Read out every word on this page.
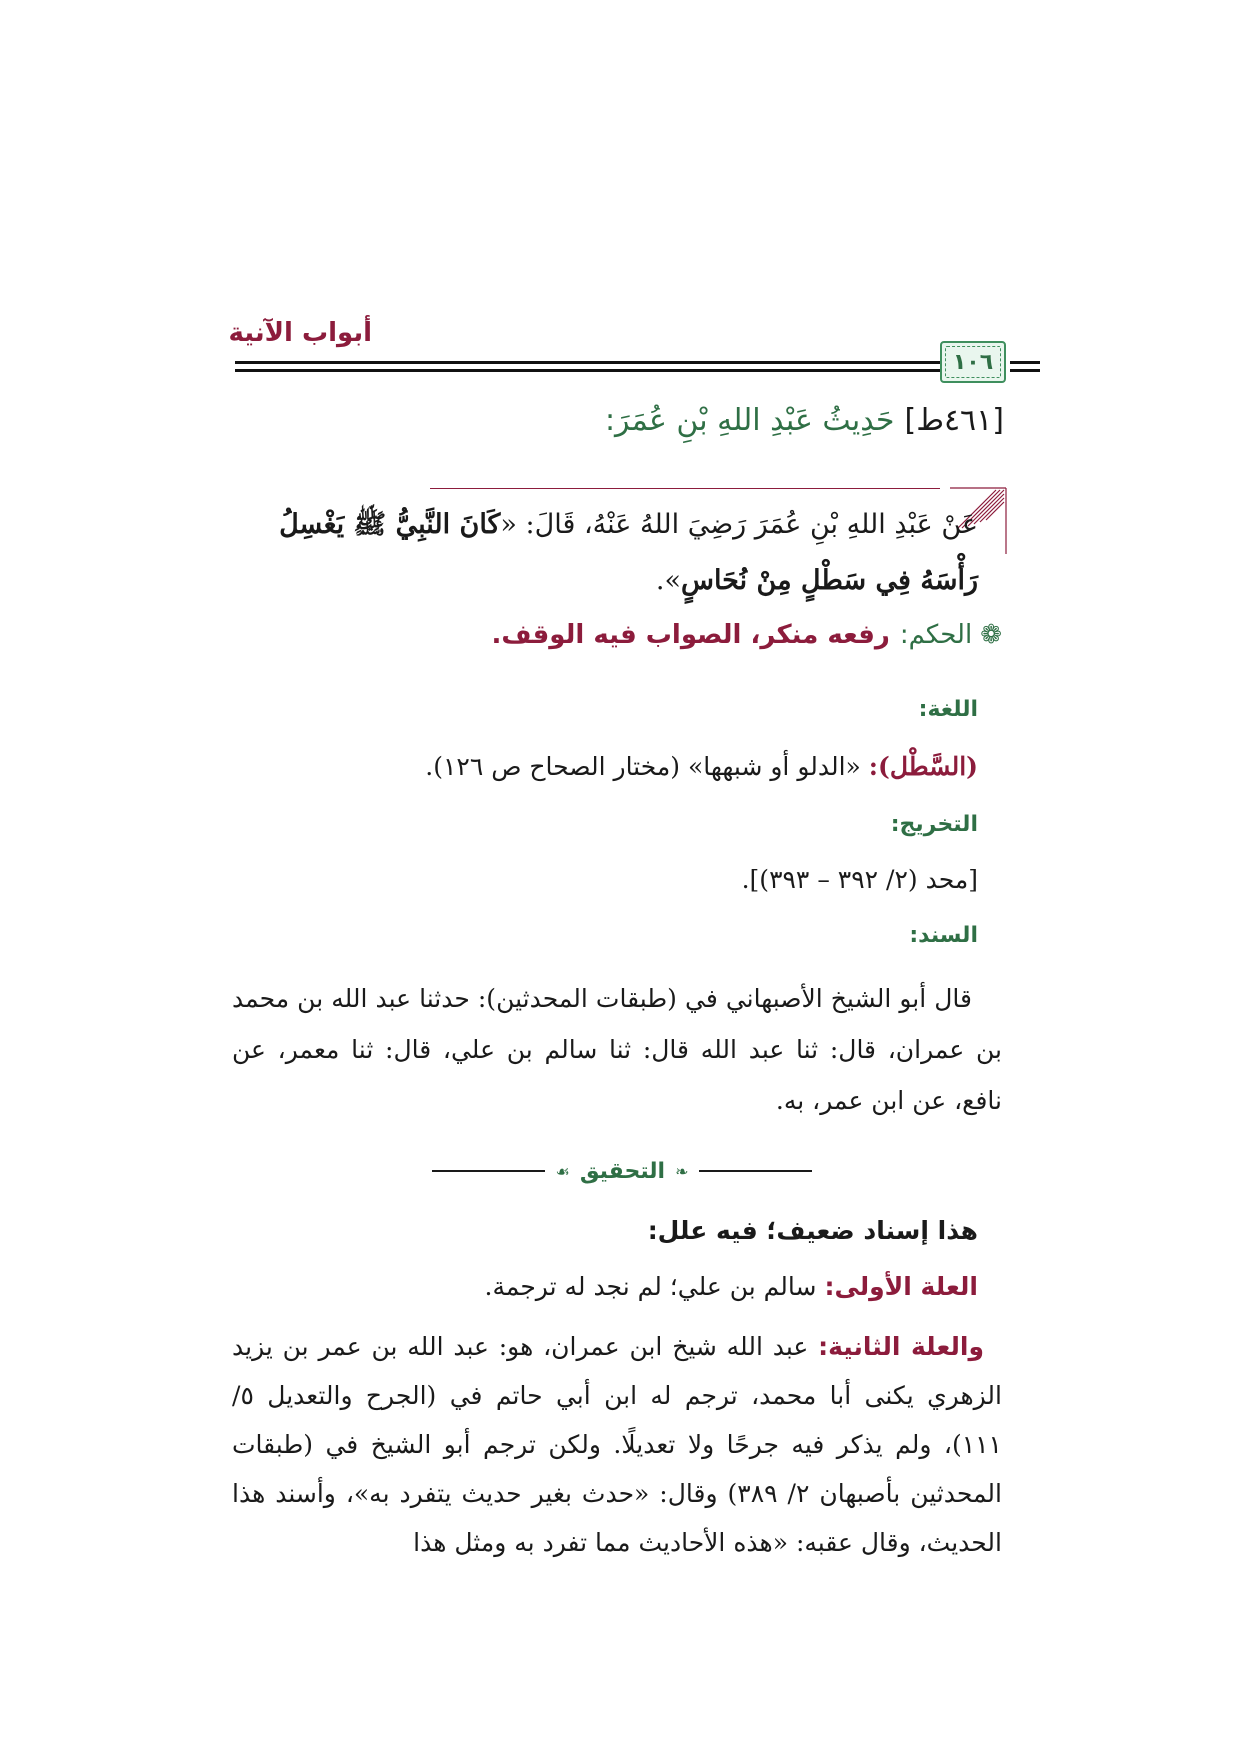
أبواب الآنية
١٠٦
[٤٦١ط]حَدِيثُ عَبْدِ اللهِ بْنِ عُمَرَ:
عَنْ عَبْدِ اللهِ بْنِ عُمَرَ رَضِيَ اللهُ عَنْهُ، قَالَ: «كَانَ النَّبِيُّ ﷺ يَغْسِلُ رَأْسَهُ فِي سَطْلٍ مِنْ نُحَاسٍ».
❁الحكم:رفعه منكر، الصواب فيه الوقف.
اللغة:
(السَّطْل): «الدلو أو شبهها» (مختار الصحاح ص ١٢٦).
التخريج:
[محد (٢/ ٣٩٢ – ٣٩٣)].
السند:

قال أبو الشيخ الأصبهاني في (طبقات المحدثين): حدثنا عبد الله بن محمد بن عمران، قال: ثنا عبد الله قال: ثنا سالم بن علي، قال: ثنا معمر، عن نافع، عن ابن عمر، به.

❧
التحقيق
☙
هذا إسناد ضعيف؛ فيه علل:
العلة الأولى: سالم بن علي؛ لم نجد له ترجمة.
والعلة الثانية: عبد الله شيخ ابن عمران، هو: عبد الله بن عمر بن يزيد الزهري يكنى أبا محمد، ترجم له ابن أبي حاتم في (الجرح والتعديل ٥/ ١١١)، ولم يذكر فيه جرحًا ولا تعديلًا. ولكن ترجم أبو الشيخ في (طبقات المحدثين بأصبهان ٢/ ٣٨٩) وقال: «حدث بغير حديث يتفرد به»، وأسند هذا الحديث، وقال عقبه: «هذه الأحاديث مما تفرد به ومثل هذا
